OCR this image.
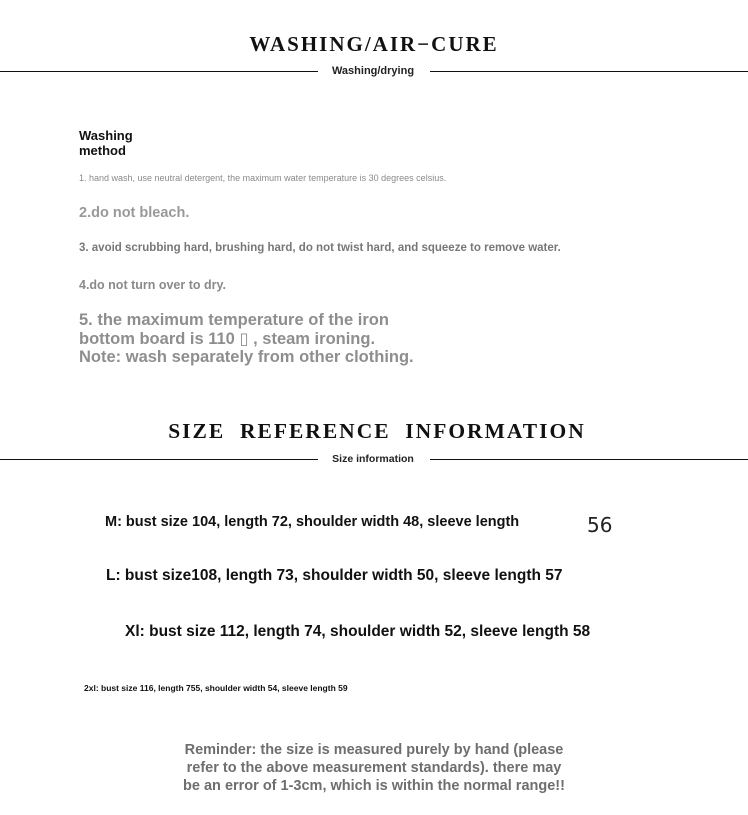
WASHING/AIR−CURE
Washing/drying
Washing
method
1. hand wash, use neutral detergent, the maximum water temperature is 30 degrees celsius.
2.do not bleach.
3. avoid scrubbing hard, brushing hard, do not twist hard, and squeeze to remove water.
4.do not turn over to dry.
5. the maximum temperature of the iron
bottom board is 110 ▯ , steam ironing.
Note: wash separately from other clothing.
SIZE  REFERENCE  INFORMATION
Size information
M: bust size 104, length 72, shoulder width 48, sleeve length	56
L: bust size108, length 73, shoulder width 50, sleeve length 57
Xl: bust size 112, length 74, shoulder width 52, sleeve length 58
2xl: bust size 116, length 755, shoulder width 54, sleeve length 59
Reminder: the size is measured purely by hand (please
refer to the above measurement standards). there may
be an error of 1-3cm, which is within the normal range!!
